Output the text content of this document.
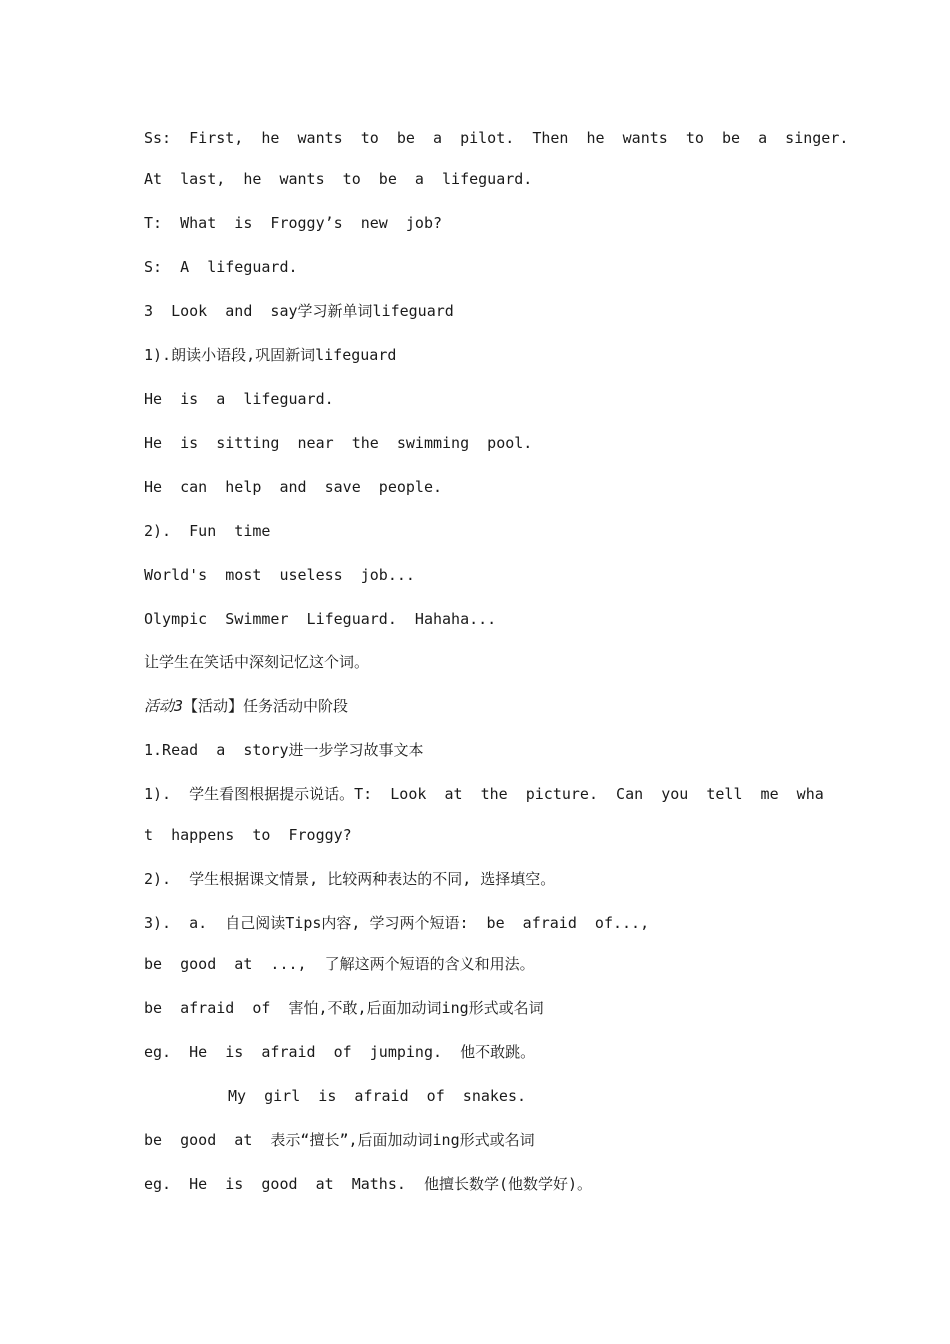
Ss:  First,  he  wants  to  be  a  pilot.  Then  he  wants  to  be  a  singer.
At  last,  he  wants  to  be  a  lifeguard.
T:  What  is  Froggy’s  new  job?
S:  A  lifeguard.
3  Look  and  say学习新单词lifeguard
1).朗读小语段,巩固新词lifeguard
He  is  a  lifeguard.
He  is  sitting  near  the  swimming  pool.
He  can  help  and  save  people.
2).  Fun  time
World's  most  useless  job...
Olympic  Swimmer  Lifeguard.  Hahaha...
让学生在笑话中深刻记忆这个词。
活动3【活动】任务活动中阶段
1.Read  a  story进一步学习故事文本
1).  学生看图根据提示说话。T:  Look  at  the  picture.  Can  you  tell  me  wha
t  happens  to  Froggy?
2).  学生根据课文情景, 比较两种表达的不同, 选择填空。
3).  a.  自己阅读Tips内容, 学习两个短语:  be  afraid  of...,
be  good  at  ...,  了解这两个短语的含义和用法。
be  afraid  of  害怕,不敢,后面加动词ing形式或名词
eg.  He  is  afraid  of  jumping.  他不敢跳。
My  girl  is  afraid  of  snakes.
be  good  at  表示“擅长”,后面加动词ing形式或名词
eg.  He  is  good  at  Maths.  他擅长数学(他数学好)。
